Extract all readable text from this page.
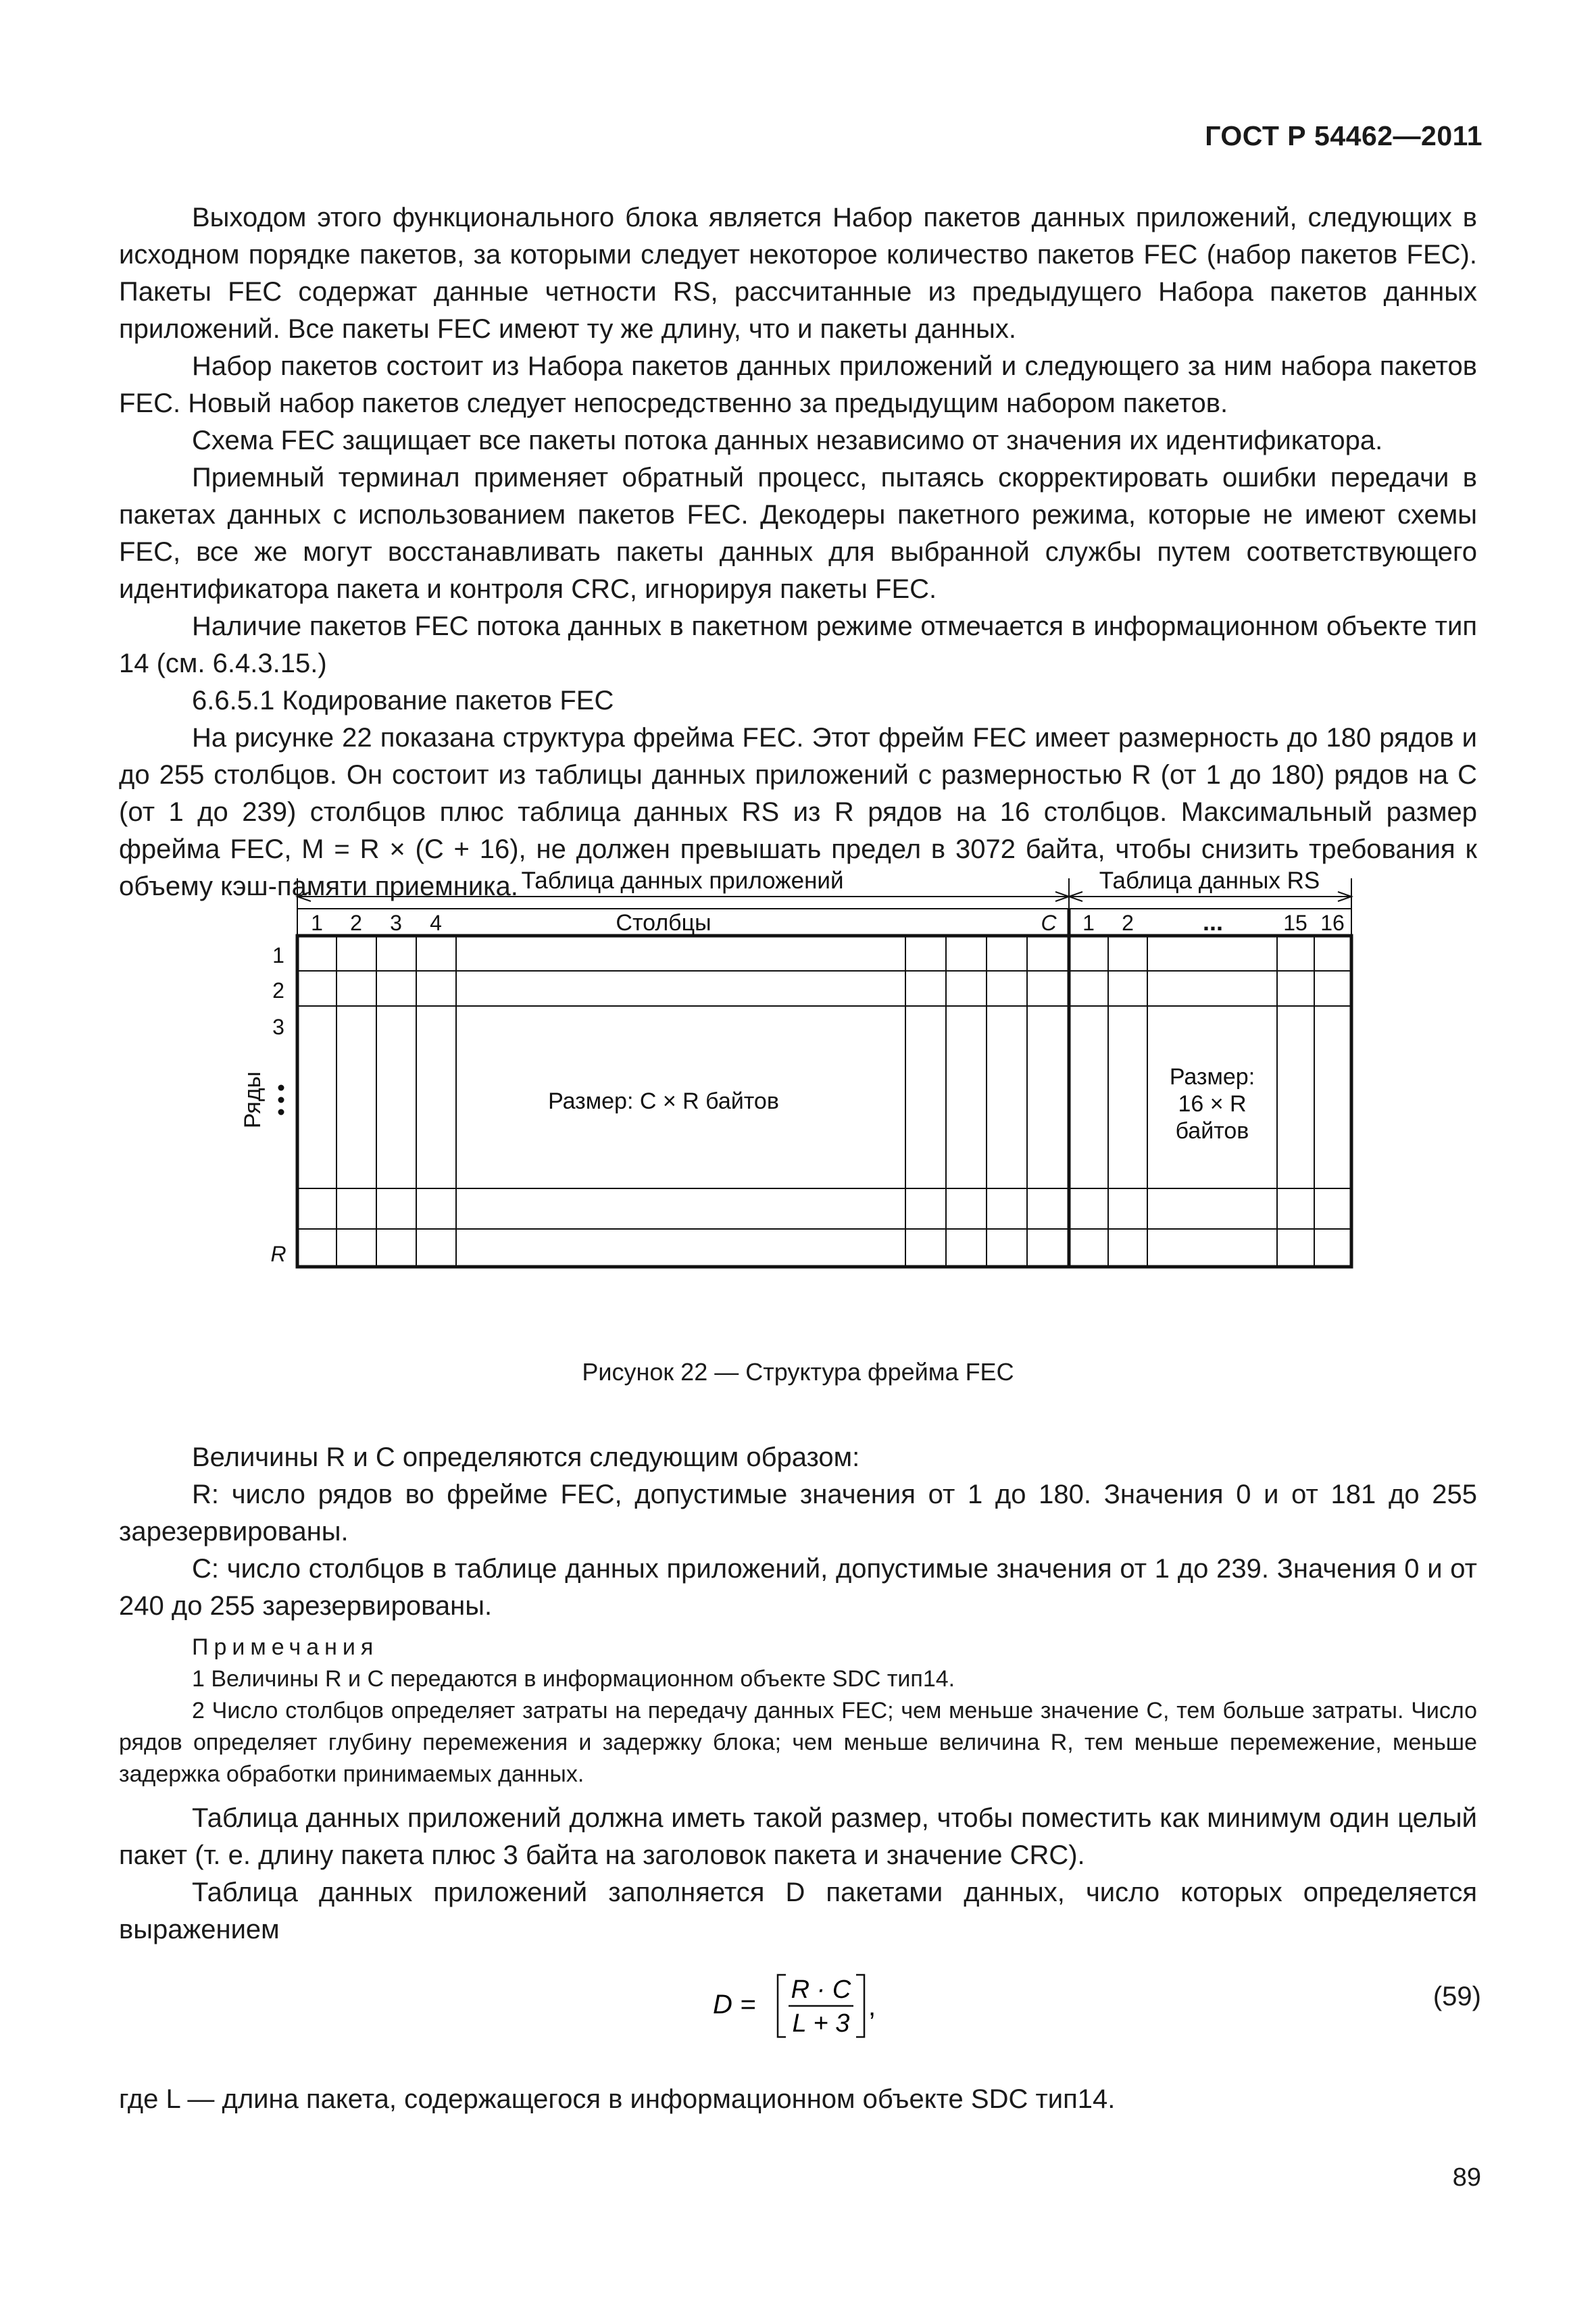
ГОСТ Р 54462—2011

Выходом этого функционального блока является Набор пакетов данных приложений, следующих в исходном порядке пакетов, за которыми следует некоторое количество пакетов FEC (набор пакетов FEC). Пакеты FEC содержат данные четности RS, рассчитанные из предыдущего Набора пакетов данных приложений. Все пакеты FEC имеют ту же длину, что и пакеты данных.

Набор пакетов состоит из Набора пакетов данных приложений и следующего за ним набора пакетов FEC. Новый набор пакетов следует непосредственно за предыдущим набором пакетов.

Схема FEC защищает все пакеты потока данных независимо от значения их идентификатора.

Приемный терминал применяет обратный процесс, пытаясь скорректировать ошибки передачи в пакетах данных с использованием пакетов FEC. Декодеры пакетного режима, которые не имеют схемы FEC, все же могут восстанавливать пакеты данных для выбранной службы путем соответствующего идентификатора пакета и контроля CRC, игнорируя пакеты FEC.

Наличие пакетов FEC потока данных в пакетном режиме отмечается в информационном объекте тип 14 (см. 6.4.3.15.)

6.6.5.1 Кодирование пакетов FEC

На рисунке 22 показана структура фрейма FEC. Этот фрейм FEC имеет размерность до 180 рядов и до 255 столбцов. Он состоит из таблицы данных приложений с размерностью R (от 1 до 180) рядов на C (от 1 до 239) столбцов плюс таблица данных RS из R рядов на 16 столбцов. Максимальный размер фрейма FEC, M = R × (C + 16), не должен превышать предел в 3072 байта, чтобы снизить требования к объему кэш-памяти приемника. Таблица данных приложений	Таблица данных RS
1 2 3 4	Столбцы	C 1 2	...	15 16
1
2
3
R
Ряды	Размер: C × R байтов
Размер:
16 × R
байтов
Рисунок 22 — Структура фрейма FEC

Величины R и C определяются следующим образом:

R: число рядов во фрейме FEC, допустимые значения от 1 до 180. Значения 0 и от 181 до 255 зарезервированы.

C: число столбцов в таблице данных приложений, допустимые значения от 1 до 239. Значения 0 и от 240 до 255 зарезервированы.

Примечания

1 Величины R и C передаются в информационном объекте SDC тип14.

2 Число столбцов определяет затраты на передачу данных FEC; чем меньше значение C, тем больше затраты. Число рядов определяет глубину перемежения и задержку блока; чем меньше величина R, тем меньше перемежение, меньше задержка обработки принимаемых данных.

Таблица данных приложений должна иметь такой размер, чтобы поместить как минимум один целый пакет (т. е. длину пакета плюс 3 байта на заголовок пакета и значение CRC).

Таблица данных приложений заполняется D пакетами данных, число которых определяется выражением

D = R · C
L + 3
,	(59)
где L — длина пакета, содержащегося в информационном объекте SDC тип14.
89
